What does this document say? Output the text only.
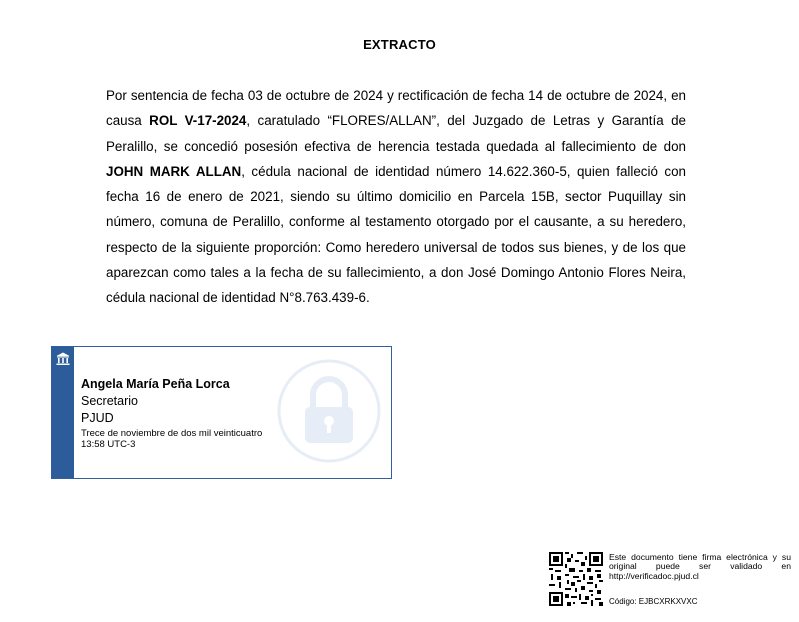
EXTRACTO
Por sentencia de fecha 03 de octubre de 2024 y rectificación de fecha 14 de octubre de 2024, en causa ROL V-17-2024, caratulado “FLORES/ALLAN”, del Juzgado de Letras y Garantía de Peralillo, se concedió posesión efectiva de herencia testada quedada al fallecimiento de don JOHN MARK ALLAN, cédula nacional de identidad número 14.622.360-5, quien falleció con fecha 16 de enero de 2021, siendo su último domicilio en Parcela 15B, sector Puquillay sin número, comuna de Peralillo, conforme al testamento otorgado por el causante, a su heredero, respecto de la siguiente proporción: Como heredero universal de todos sus bienes, y de los que aparezcan como tales a la fecha de su fallecimiento, a don José Domingo Antonio Flores Neira, cédula nacional de identidad N°8.763.439-6.
Angela María Peña Lorca
Secretario
PJUD
Trece de noviembre de dos mil veinticuatro
13:58 UTC-3
Este documento tiene firma electrónica y su original puede ser validado en http://verificadoc.pjud.cl
Código: EJBCXRKXVXC
